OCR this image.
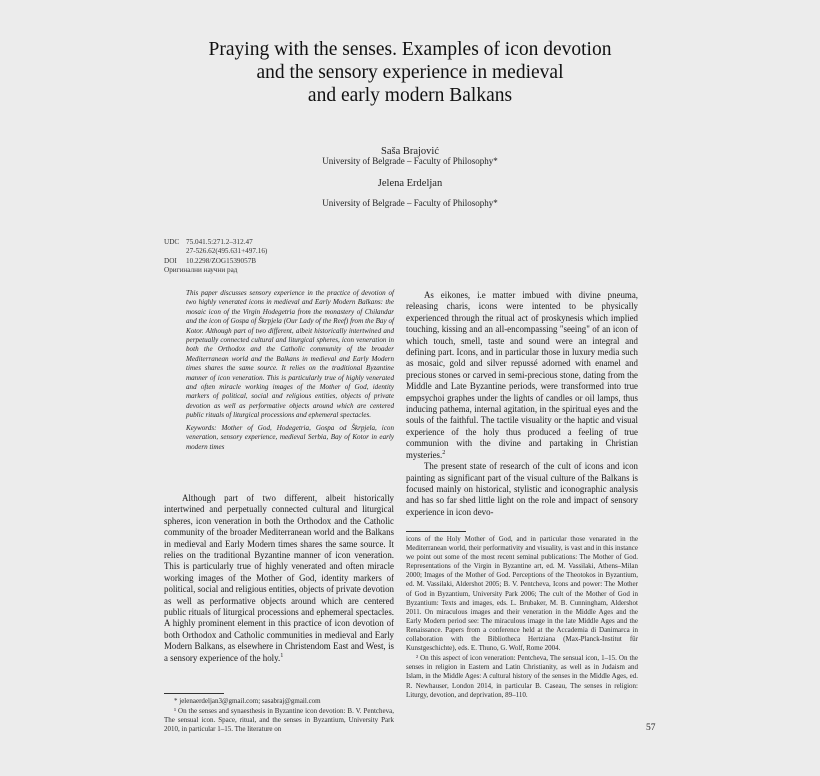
Praying with the senses. Examples of icon devotion
and the sensory experience in medieval
and early modern Balkans
Saša Brajović
University of Belgrade – Faculty of Philosophy*
Jelena Erdeljan
University of Belgrade – Faculty of Philosophy*
UDC 75.041.5:271.2–312.47
27-526.62(495.631+497.16)
DOI	10.2298/ZOG1539057B
Оригинални научни рад

This paper discusses sensory experience in the practice of devotion of two highly venerated icons in medieval and Early Modern Balkans: the mosaic icon of the Virgin Hodegetria from the monastery of Chilandar and the icon of Gospa of Škrpjela (Our Lady of the Reef) from the Bay of Kotor. Although part of two different, albeit historically intertwined and perpetually connected cultural and liturgical spheres, icon veneration in both the Orthodox and the Catholic community of the broader Mediterranean world and the Balkans in medieval and Early Modern times shares the same source. It relies on the traditional Byzantine manner of icon veneration. This is particularly true of highly venerated and often miracle working images of the Mother of God, identity markers of political, social and religious entities, objects of private devotion as well as performative objects around which are centered public rituals of liturgical processions and ephemeral spectacles.

Keywords: Mother of God, Hodegetria, Gospa od Škrpjela, icon veneration, sensory experience, medieval Serbia, Bay of Kotor in early modern times

Although part of two different, albeit historically intertwined and perpetually connected cultural and liturgical spheres, icon veneration in both the Orthodox and the Catholic community of the broader Mediterranean world and the Balkans in medieval and Early Modern times shares the same source. It relies on the traditional Byzantine manner of icon veneration. This is particularly true of highly venerated and often miracle working images of the Mother of God, identity markers of political, social and religious entities, objects of private devotion as well as performative objects around which are centered public rituals of liturgical processions and ephemeral spectacles. A highly prominent element in this practice of icon devotion of both Orthodox and Catholic communities in medieval and Early Modern Balkans, as elsewhere in Christendom East and West, is a sensory experience of the holy.$^1$

* jelenaerdeljan3@gmail.com; sasabraj@gmail.com

¹ On the senses and synaesthesis in Byzantine icon devotion: B. V. Pentcheva, The sensual icon. Space, ritual, and the senses in Byzantium, University Park 2010, in particular 1–15. The literature on

As eikones, i.e matter imbued with divine pneuma, releasing charis, icons were intented to be physically experienced through the ritual act of proskynesis which implied touching, kissing and an all-encompassing "seeing" of an icon of which touch, smell, taste and sound were an integral and defining part. Icons, and in particular those in luxury media such as mosaic, gold and silver repussé adorned with enamel and precious stones or carved in semi-precious stone, dating from the Middle and Late Byzantine periods, were transformed into true empsychoi graphes under the lights of candles or oil lamps, thus inducing pathema, internal agitation, in the spiritual eyes and the souls of the faithful. The tactile visuality or the haptic and visual experience of the holy thus produced a feeling of true communion with the divine and partaking in Christian mysteries.$^2$

The present state of research of the cult of icons and icon painting as significant part of the visual culture of the Balkans is focused mainly on historical, stylistic and iconographic analysis and has so far shed little light on the role and impact of sensory experience in icon devo-

icons of the Holy Mother of God, and in particular those venarated in the Mediterranean world, their performativity and visuality, is vast and in this instance we point out some of the most recent seminal publications: The Mother of God. Representations of the Virgin in Byzantine art, ed. M. Vassilaki, Athens–Milan 2000; Images of the Mother of God. Perceptions of the Theotokos in Byzantium, ed. M. Vassilaki, Aldershot 2005; B. V. Pentcheva, Icons and power: The Mother of God in Byzantium, University Park 2006; The cult of the Mother of God in Byzantium: Texts and images, eds. L. Brubaker, M. B. Cunningham, Aldershot 2011. On miraculous images and their veneration in the Middle Ages and the Early Modern period see: The miraculous image in the late Middle Ages and the Renaissance. Papers from a conference held at the Accademia di Danimarca in collaboration with the Bibliotheca Hertziana (Max-Planck-Institut für Kunstgeschichte), eds. E. Thuno, G. Wolf, Rome 2004.

² On this aspect of icon veneration: Pentcheva, The sensual icon, 1–15. On the senses in religion in Eastern and Latin Christianity, as well as in Judaism and Islam, in the Middle Ages: A cultural history of the senses in the Middle Ages, ed. R. Newhauser, London 2014, in particular B. Caseau, The senses in religion: Liturgy, devotion, and deprivation, 89–110.

57
